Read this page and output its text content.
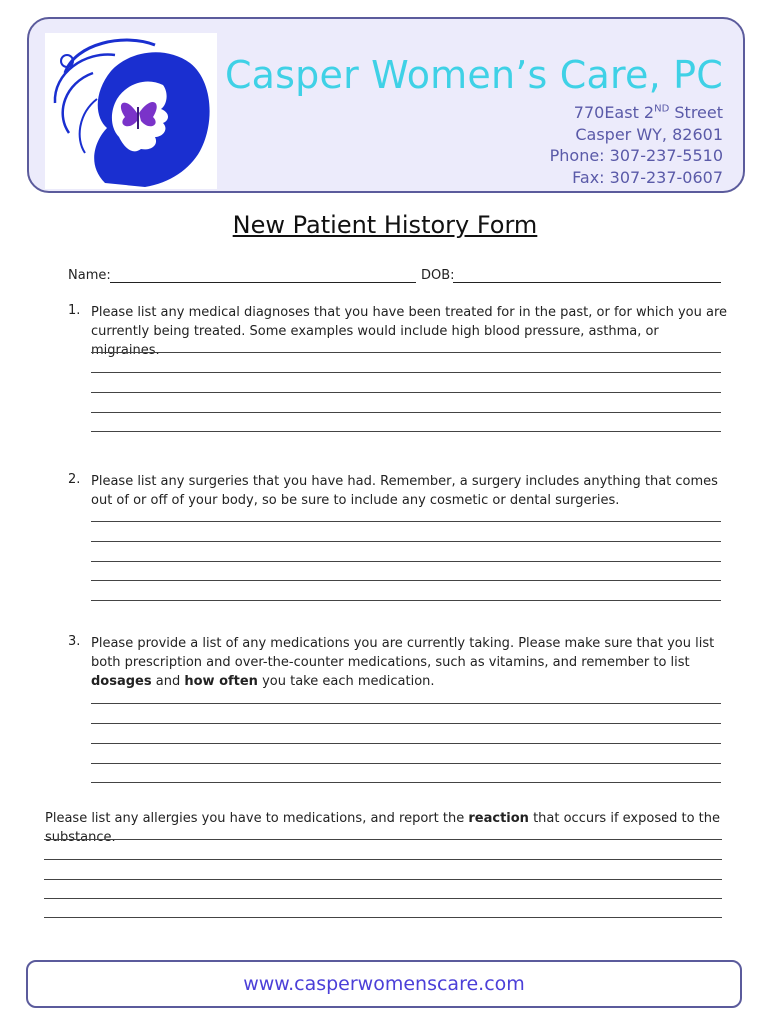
Casper Women’s Care, PC
770East 2ND Street
Casper WY, 82601
Phone: 307-237-5510
Fax: 307-237-0607
New Patient History Form
Name:	DOB:
1. Please list any medical diagnoses that you have been treated for in the past, or for which you are currently being treated. Some examples would include high blood pressure, asthma, or migraines.
2. Please list any surgeries that you have had. Remember, a surgery includes anything that comes out of or off of your body, so be sure to include any cosmetic or dental surgeries.
3. Please provide a list of any medications you are currently taking. Please make sure that you list both prescription and over-the-counter medications, such as vitamins, and remember to list dosages and how often you take each medication.
Please list any allergies you have to medications, and report the reaction that occurs if exposed to the substance.
www.casperwomenscare.com
